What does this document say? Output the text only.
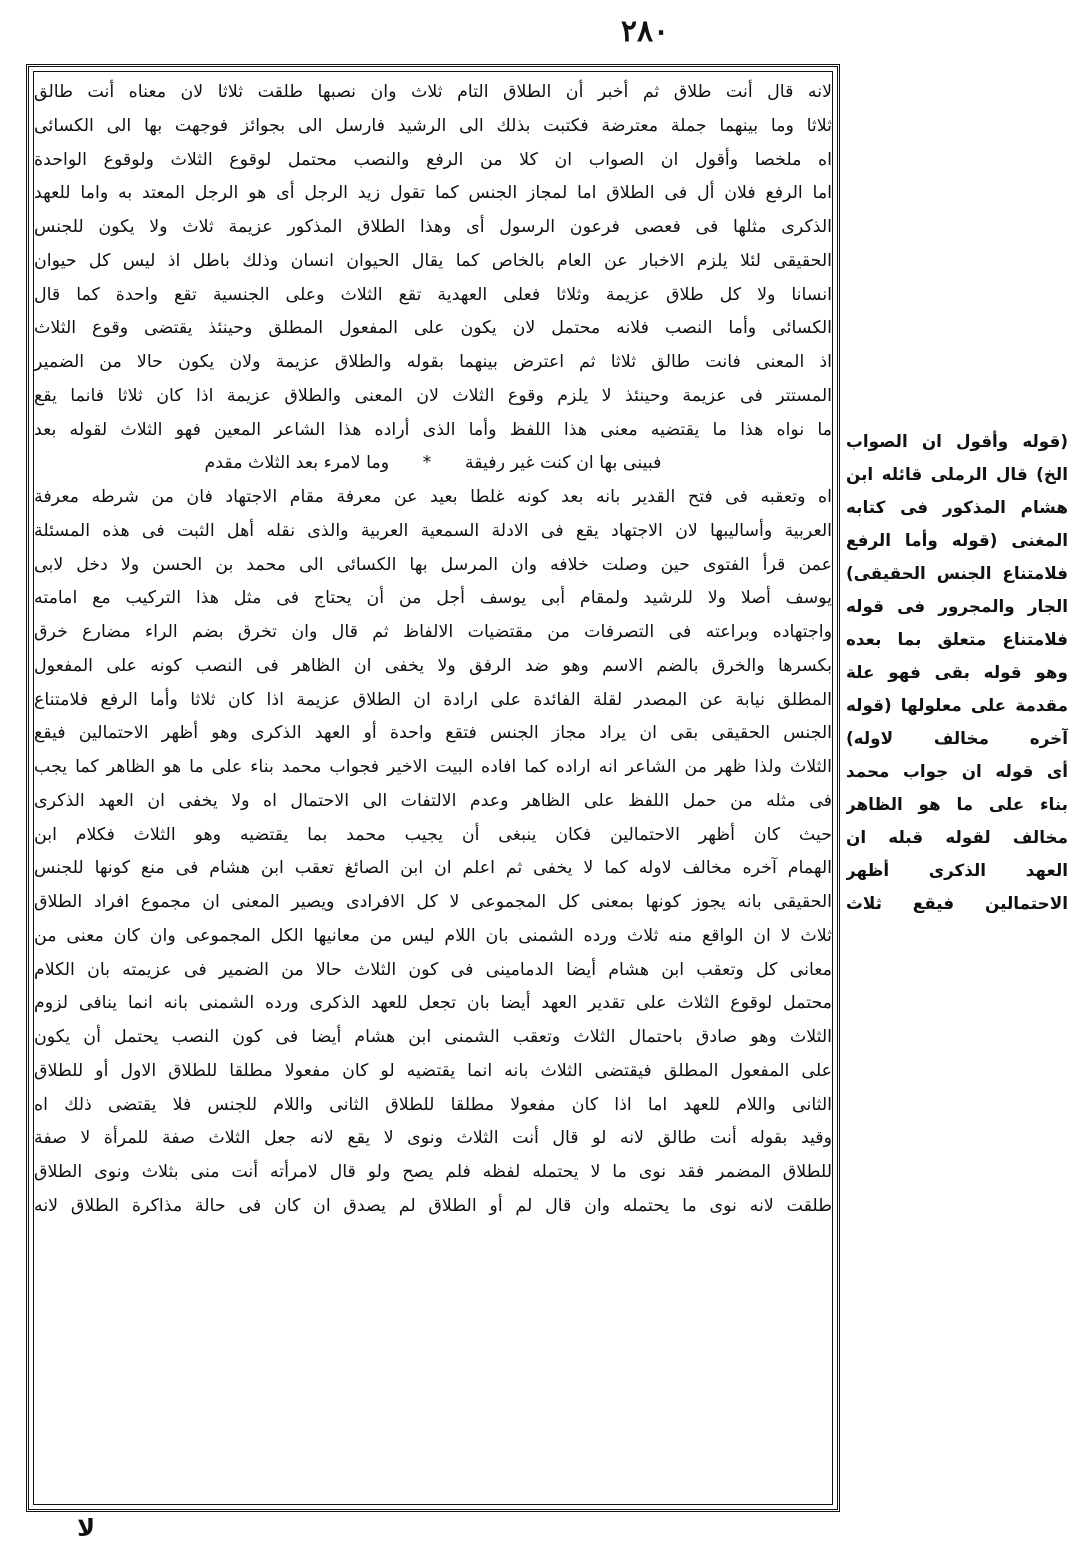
٢٨٠
لانه قال أنت طلاق ثم أخبر أن الطلاق التام ثلاث وان نصبها طلقت ثلاثا لان معناه أنت طالق
ثلاثا وما بينهما جملة معترضة فكتبت بذلك الى الرشيد فارسل الى بجوائز فوجهت بها الى الكسائى
اه ملخصا وأقول ان الصواب ان كلا من الرفع والنصب محتمل لوقوع الثلاث ولوقوع الواحدة
اما الرفع فلان أل فى الطلاق اما لمجاز الجنس كما تقول زيد الرجل أى هو الرجل المعتد به واما للعهد
الذكرى مثلها فى فعصى فرعون الرسول أى وهذا الطلاق المذكور عزيمة ثلاث ولا يكون للجنس
الحقيقى لئلا يلزم الاخبار عن العام بالخاص كما يقال الحيوان انسان وذلك باطل اذ ليس كل حيوان
انسانا ولا كل طلاق عزيمة وثلاثا فعلى العهدية تقع الثلاث وعلى الجنسية تقع واحدة كما قال
الكسائى وأما النصب فلانه محتمل لان يكون على المفعول المطلق وحينئذ يقتضى وقوع الثلاث
اذ المعنى فانت طالق ثلاثا ثم اعترض بينهما بقوله والطلاق عزيمة ولان يكون حالا من الضمير
المستتر فى عزيمة وحينئذ لا يلزم وقوع الثلاث لان المعنى والطلاق عزيمة اذا كان ثلاثا فانما يقع
ما نواه هذا ما يقتضيه معنى هذا اللفظ وأما الذى أراده هذا الشاعر المعين فهو الثلاث لقوله بعد
فبينى بها ان كنت غير رفيقة * وما لامرء بعد الثلاث مقدم
اه وتعقبه فى فتح القدير بانه بعد كونه غلطا بعيد عن معرفة مقام الاجتهاد فان من شرطه معرفة
العربية وأساليبها لان الاجتهاد يقع فى الادلة السمعية العربية والذى نقله أهل الثبت فى هذه المسئلة
عمن قرأ الفتوى حين وصلت خلافه وان المرسل بها الكسائى الى محمد بن الحسن ولا دخل لابى
يوسف أصلا ولا للرشيد ولمقام أبى يوسف أجل من أن يحتاج فى مثل هذا التركيب مع امامته
واجتهاده وبراعته فى التصرفات من مقتضيات الالفاظ ثم قال وان تخرق بضم الراء مضارع خرق
بكسرها والخرق بالضم الاسم وهو ضد الرفق ولا يخفى ان الظاهر فى النصب كونه على المفعول
المطلق نيابة عن المصدر لقلة الفائدة على ارادة ان الطلاق عزيمة اذا كان ثلاثا وأما الرفع فلامتناع
الجنس الحقيقى بقى ان يراد مجاز الجنس فتقع واحدة أو العهد الذكرى وهو أظهر الاحتمالين فيقع
الثلاث ولذا ظهر من الشاعر انه اراده كما افاده البيت الاخير فجواب محمد بناء على ما هو الظاهر كما يجب
فى مثله من حمل اللفظ على الظاهر وعدم الالتفات الى الاحتمال اه ولا يخفى ان العهد الذكرى
حيث كان أظهر الاحتمالين فكان ينبغى أن يجيب محمد بما يقتضيه وهو الثلاث فكلام ابن
الهمام آخره مخالف لاوله كما لا يخفى ثم اعلم ان ابن الصائغ تعقب ابن هشام فى منع كونها للجنس
الحقيقى بانه يجوز كونها بمعنى كل المجموعى لا كل الافرادى ويصير المعنى ان مجموع افراد الطلاق
ثلاث لا ان الواقع منه ثلاث ورده الشمنى بان اللام ليس من معانيها الكل المجموعى وان كان معنى من
معانى كل وتعقب ابن هشام أيضا الدمامينى فى كون الثلاث حالا من الضمير فى عزيمته بان الكلام
محتمل لوقوع الثلاث على تقدير العهد أيضا بان تجعل للعهد الذكرى ورده الشمنى بانه انما ينافى لزوم
الثلاث وهو صادق باحتمال الثلاث وتعقب الشمنى ابن هشام أيضا فى كون النصب يحتمل أن يكون
على المفعول المطلق فيقتضى الثلاث بانه انما يقتضيه لو كان مفعولا مطلقا للطلاق الاول أو للطلاق
الثانى واللام للعهد اما اذا كان مفعولا مطلقا للطلاق الثانى واللام للجنس فلا يقتضى ذلك اه
وقيد بقوله أنت طالق لانه لو قال أنت الثلاث ونوى لا يقع لانه جعل الثلاث صفة للمرأة لا صفة
للطلاق المضمر فقد نوى ما لا يحتمله لفظه فلم يصح ولو قال لامرأته أنت منى بثلاث ونوى الطلاق
طلقت لانه نوى ما يحتمله وان قال لم أو الطلاق لم يصدق ان كان فى حالة مذاكرة الطلاق لانه
(قوله وأقول ان الصواب
الخ) قال الرملى قائله ابن
هشام المذكور فى كتابه
المغنى (قوله وأما الرفع
فلامتناع الجنس الحقيقى)
الجار والمجرور فى قوله
فلامتناع متعلق بما بعده
وهو قوله بقى فهو علة
مقدمة على معلولها (قوله
آخره مخالف لاوله)
أى قوله ان جواب محمد
بناء على ما هو الظاهر
مخالف لقوله قبله ان
العهد الذكرى أظهر
الاحتمالين فيقع ثلاث
لا
